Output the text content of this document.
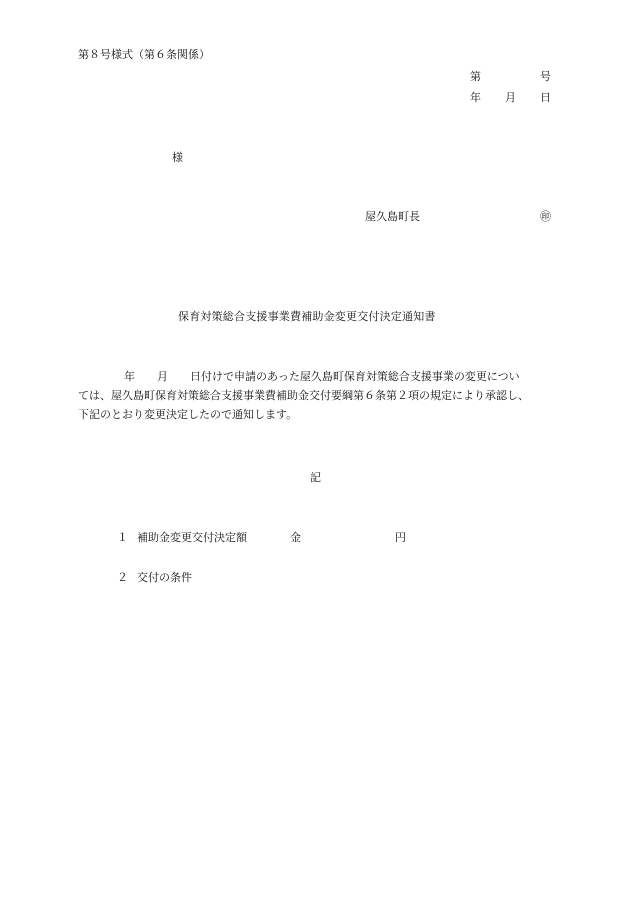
第８号様式（第６条関係）
第	号
年 月 日
様
屋久島町長	㊞
保育対策総合支援事業費補助金変更交付決定通知書
年 月 日付けで申請のあった屋久島町保育対策総合支援事業の変更につい
ては、屋久島町保育対策総合支援事業費補助金交付要綱第６条第２項の規定により承認し、
下記のとおり変更決定したので通知します。
記
１ 補助金変更交付決定額	金	円
２ 交付の条件
